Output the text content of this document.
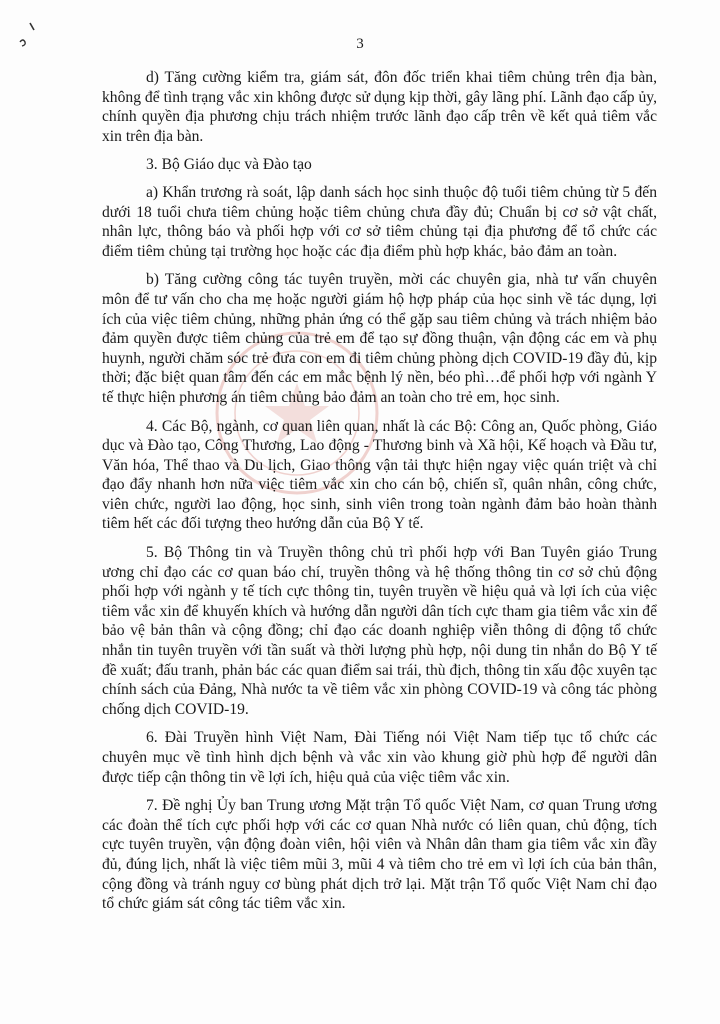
3

d) Tăng cường kiểm tra, giám sát, đôn đốc triển khai tiêm chủng trên địa bàn, không để tình trạng vắc xin không được sử dụng kịp thời, gây lãng phí. Lãnh đạo cấp ủy, chính quyền địa phương chịu trách nhiệm trước lãnh đạo cấp trên về kết quả tiêm vắc xin trên địa bàn.

3. Bộ Giáo dục và Đào tạo

a) Khẩn trương rà soát, lập danh sách học sinh thuộc độ tuổi tiêm chủng từ 5 đến dưới 18 tuổi chưa tiêm chủng hoặc tiêm chủng chưa đầy đủ; Chuẩn bị cơ sở vật chất, nhân lực, thông báo và phối hợp với cơ sở tiêm chủng tại địa phương để tổ chức các điểm tiêm chủng tại trường học hoặc các địa điểm phù hợp khác, bảo đảm an toàn.

b) Tăng cường công tác tuyên truyền, mời các chuyên gia, nhà tư vấn chuyên môn để tư vấn cho cha mẹ hoặc người giám hộ hợp pháp của học sinh về tác dụng, lợi ích của việc tiêm chủng, những phản ứng có thể gặp sau tiêm chủng và trách nhiệm bảo đảm quyền được tiêm chủng của trẻ em để tạo sự đồng thuận, vận động các em và phụ huynh, người chăm sóc trẻ đưa con em đi tiêm chủng phòng dịch COVID-19 đầy đủ, kịp thời; đặc biệt quan tâm đến các em mắc bệnh lý nền, béo phì…để phối hợp với ngành Y tế thực hiện phương án tiêm chủng bảo đảm an toàn cho trẻ em, học sinh.

4. Các Bộ, ngành, cơ quan liên quan, nhất là các Bộ: Công an, Quốc phòng, Giáo dục và Đào tạo, Công Thương, Lao động - Thương binh và Xã hội, Kế hoạch và Đầu tư, Văn hóa, Thể thao và Du lịch, Giao thông vận tải thực hiện ngay việc quán triệt và chỉ đạo đẩy nhanh hơn nữa việc tiêm vắc xin cho cán bộ, chiến sĩ, quân nhân, công chức, viên chức, người lao động, học sinh, sinh viên trong toàn ngành đảm bảo hoàn thành tiêm hết các đối tượng theo hướng dẫn của Bộ Y tế.

5. Bộ Thông tin và Truyền thông chủ trì phối hợp với Ban Tuyên giáo Trung ương chỉ đạo các cơ quan báo chí, truyền thông và hệ thống thông tin cơ sở chủ động phối hợp với ngành y tế tích cực thông tin, tuyên truyền về hiệu quả và lợi ích của việc tiêm vắc xin để khuyến khích và hướng dẫn người dân tích cực tham gia tiêm vắc xin để bảo vệ bản thân và cộng đồng; chỉ đạo các doanh nghiệp viễn thông di động tổ chức nhắn tin tuyên truyền với tần suất và thời lượng phù hợp, nội dung tin nhắn do Bộ Y tế đề xuất; đấu tranh, phản bác các quan điểm sai trái, thù địch, thông tin xấu độc xuyên tạc chính sách của Đảng, Nhà nước ta về tiêm vắc xin phòng COVID-19 và công tác phòng chống dịch COVID-19.

6. Đài Truyền hình Việt Nam, Đài Tiếng nói Việt Nam tiếp tục tổ chức các chuyên mục về tình hình dịch bệnh và vắc xin vào khung giờ phù hợp để người dân được tiếp cận thông tin về lợi ích, hiệu quả của việc tiêm vắc xin.

7. Đề nghị Ủy ban Trung ương Mặt trận Tổ quốc Việt Nam, cơ quan Trung ương các đoàn thể tích cực phối hợp với các cơ quan Nhà nước có liên quan, chủ động, tích cực tuyên truyền, vận động đoàn viên, hội viên và Nhân dân tham gia tiêm vắc xin đầy đủ, đúng lịch, nhất là việc tiêm mũi 3, mũi 4 và tiêm cho trẻ em vì lợi ích của bản thân, cộng đồng và tránh nguy cơ bùng phát dịch trở lại. Mặt trận Tổ quốc Việt Nam chỉ đạo tổ chức giám sát công tác tiêm vắc xin.
